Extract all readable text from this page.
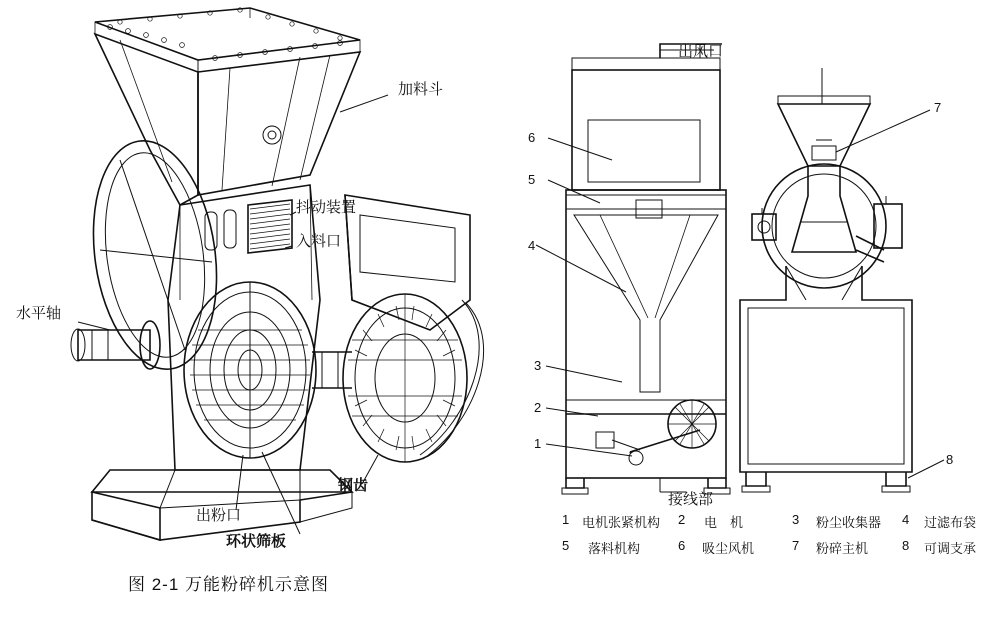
加料斗
抖动装置
入料口
水平轴
出粉口
环状筛板
钢齿
出风口
接线部
6
5
4
3
2
1
7
8
1 电机张紧机构 2 电　机	3 粉尘收集器 4 过滤布袋
5 落料机构	6 吸尘风机	7 粉碎主机	8 可调支承
图 2-1 万能粉碎机示意图
